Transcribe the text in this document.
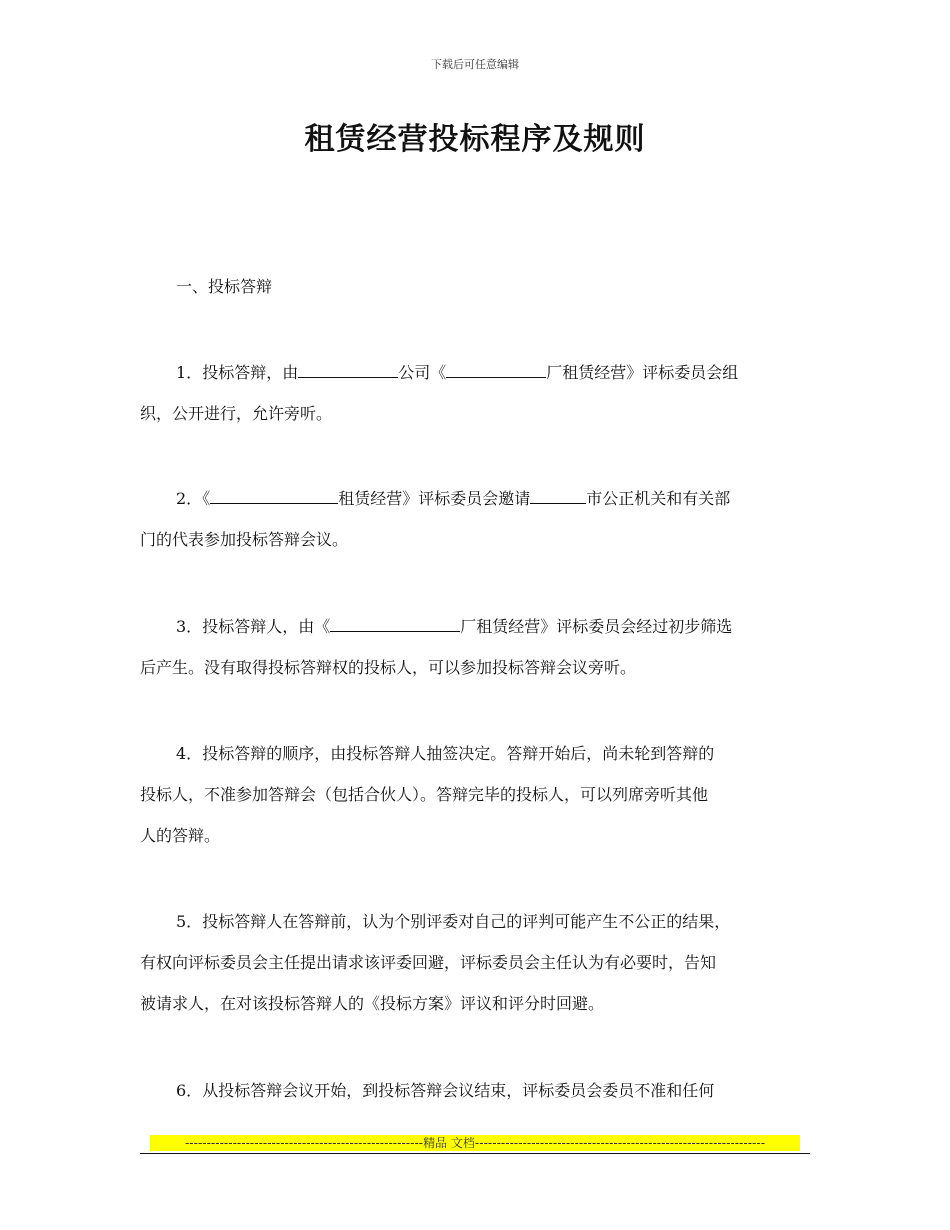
下载后可任意编辑
租赁经营投标程序及规则

一、投标答辩

1．投标答辩，由	公司《	厂租赁经营》评标委员会组

织，公开进行，允许旁听。

2．《	租赁经营》评标委员会邀请	市公正机关和有关部

门的代表参加投标答辩会议。

3．投标答辩人，由《	厂租赁经营》评标委员会经过初步筛选

后产生。没有取得投标答辩权的投标人，可以参加投标答辩会议旁听。

4．投标答辩的顺序，由投标答辩人抽签决定。答辩开始后，尚未轮到答辩的

投标人，不准参加答辩会（包括合伙人）。答辩完毕的投标人，可以列席旁听其他

人的答辩。

5．投标答辩人在答辩前，认为个别评委对自己的评判可能产生不公正的结果，

有权向评标委员会主任提出请求该评委回避，评标委员会主任认为有必要时，告知

被请求人，在对该投标答辩人的《投标方案》评议和评分时回避。

6．从投标答辩会议开始，到投标答辩会议结束，评标委员会委员不准和任何

-------------------------------------------------------精品 文档-------------------------------------------------------------------
